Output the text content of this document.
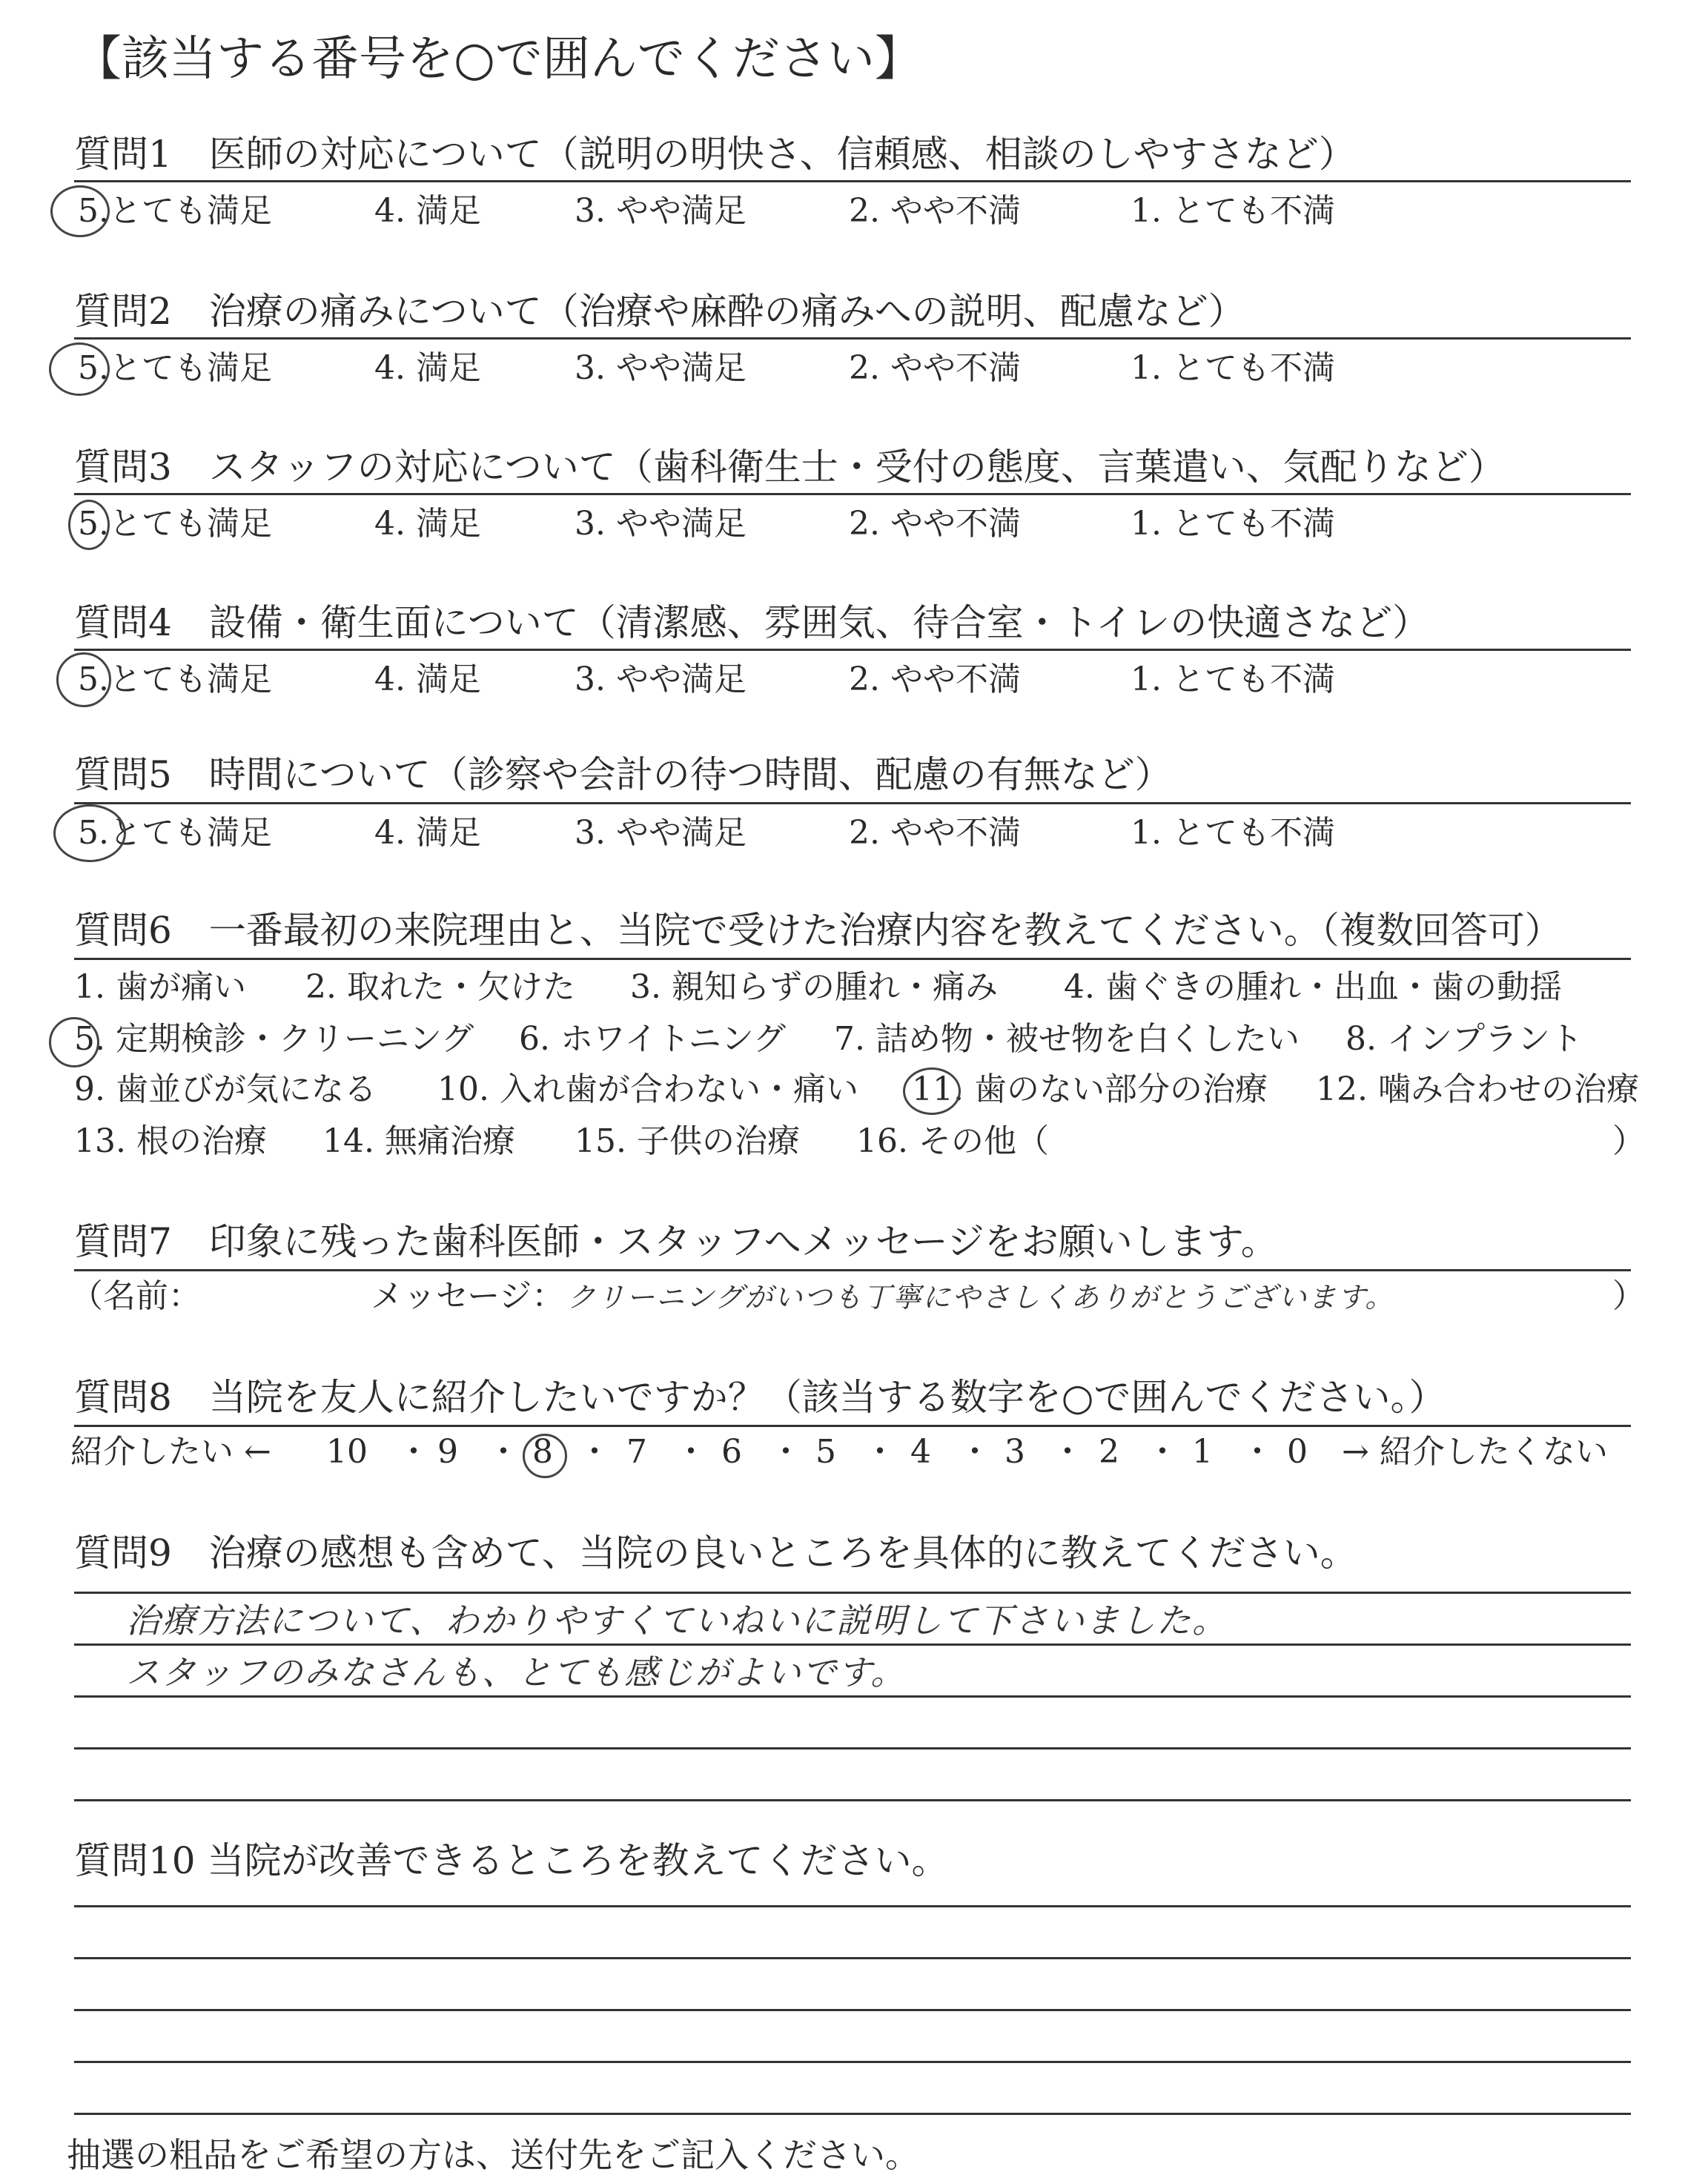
【該当する番号を○で囲んでください】
質問1　医師の対応について（説明の明快さ、信頼感、相談のしやすさなど）
5.とても満足	4. 満足	3. やや満足	2. やや不満	1. とても不満
質問2　治療の痛みについて（治療や麻酔の痛みへの説明、配慮など）
5.とても満足	4. 満足	3. やや満足	2. やや不満	1. とても不満
質問3　スタッフの対応について（歯科衛生士・受付の態度、言葉遣い、気配りなど）
5.とても満足	4. 満足	3. やや満足	2. やや不満	1. とても不満
質問4　設備・衛生面について（清潔感、雰囲気、待合室・トイレの快適さなど）
5.とても満足	4. 満足	3. やや満足	2. やや不満	1. とても不満
質問5　時間について（診察や会計の待つ時間、配慮の有無など）
5.とても満足	4. 満足	3. やや満足	2. やや不満	1. とても不満
質問6　一番最初の来院理由と、当院で受けた治療内容を教えてください。（複数回答可）
1. 歯が痛い 2. 取れた・欠けた 3. 親知らずの腫れ・痛み 4. 歯ぐきの腫れ・出血・歯の動揺
5. 定期検診・クリーニング 6. ホワイトニング 7. 詰め物・被せ物を白くしたい 8. インプラント
9. 歯並びが気になる 10. 入れ歯が合わない・痛い 11. 歯のない部分の治療 12. 噛み合わせの治療
13. 根の治療 14. 無痛治療 15. 子供の治療 16. その他（	）
質問7　印象に残った歯科医師・スタッフへメッセージをお願いします。
（名前：	メッセージ： クリーニングがいつも丁寧にやさしくありがとうございます。	）
質問8　当院を友人に紹介したいですか？（該当する数字を○で囲んでください。）
紹介したい ← 10 ・ 9 ・ 8 ・ 7 ・ 6 ・ 5 ・ 4 ・ 3 ・ 2 ・ 1 ・ 0 → 紹介したくない
質問9　治療の感想も含めて、当院の良いところを具体的に教えてください。
治療方法について、わかりやすくていねいに説明して下さいました。
スタッフのみなさんも、とても感じがよいです。
質問10 当院が改善できるところを教えてください。
抽選の粗品をご希望の方は、送付先をご記入ください。
